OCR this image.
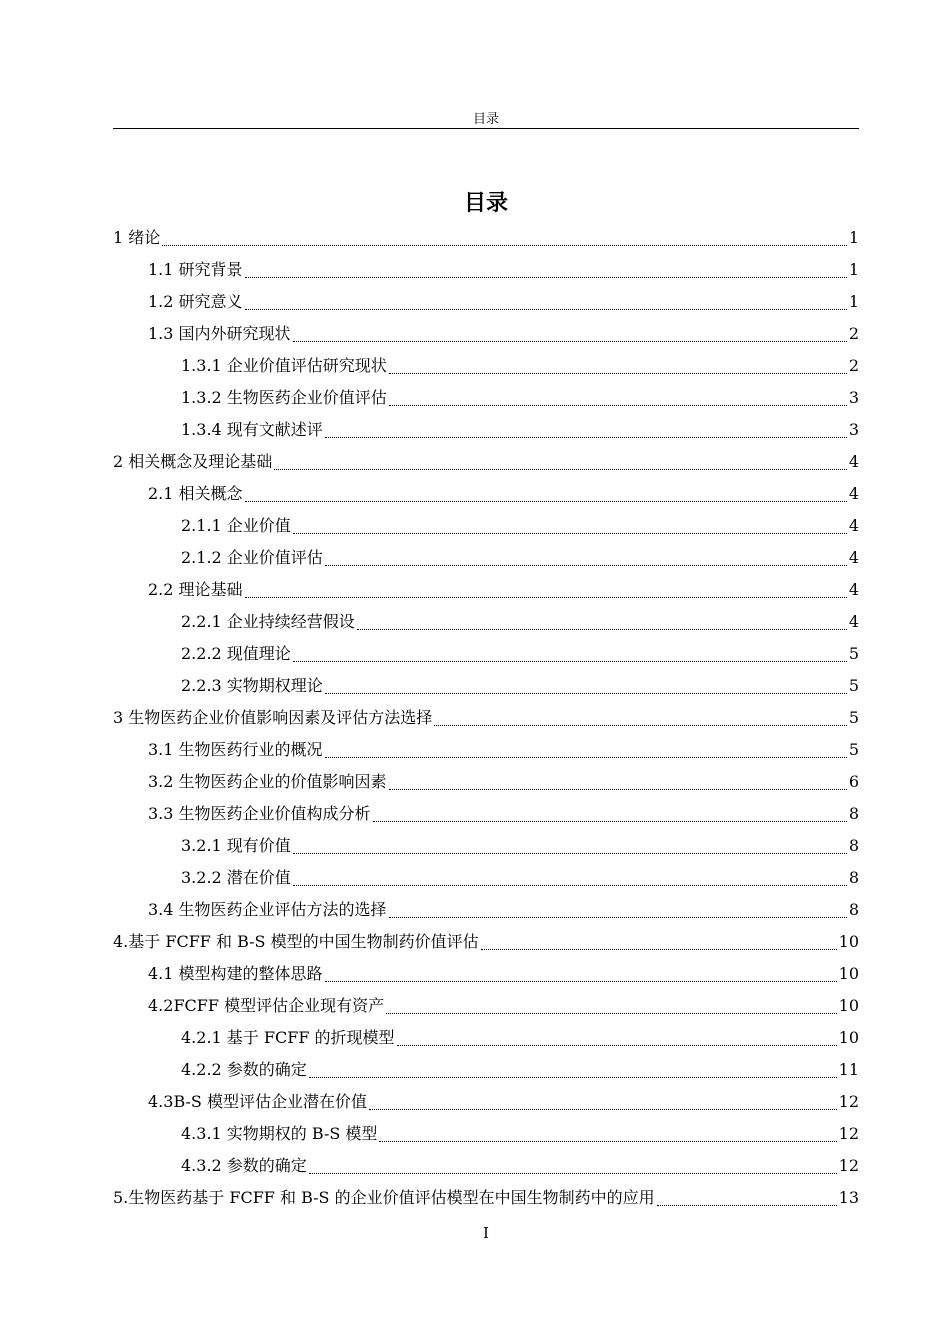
目录
目录
1 绪论	1
1.1 研究背景	1
1.2 研究意义	1
1.3 国内外研究现状	2
1.3.1 企业价值评估研究现状	2
1.3.2 生物医药企业价值评估	3
1.3.4 现有文献述评	3
2 相关概念及理论基础	4
2.1 相关概念	4
2.1.1 企业价值	4
2.1.2 企业价值评估	4
2.2 理论基础	4
2.2.1 企业持续经营假设	4
2.2.2 现值理论	5
2.2.3 实物期权理论	5
3 生物医药企业价值影响因素及评估方法选择	5
3.1 生物医药行业的概况	5
3.2 生物医药企业的价值影响因素	6
3.3 生物医药企业价值构成分析	8
3.2.1 现有价值	8
3.2.2 潜在价值	8
3.4 生物医药企业评估方法的选择	8
4.基于 FCFF 和 B-S 模型的中国生物制药价值评估	10
4.1 模型构建的整体思路	10
4.2FCFF 模型评估企业现有资产	10
4.2.1 基于 FCFF 的折现模型	10
4.2.2 参数的确定	11
4.3B-S 模型评估企业潜在价值	12
4.3.1 实物期权的 B-S 模型	12
4.3.2 参数的确定	12
5.生物医药基于 FCFF 和 B-S 的企业价值评估模型在中国生物制药中的应用	13
I
